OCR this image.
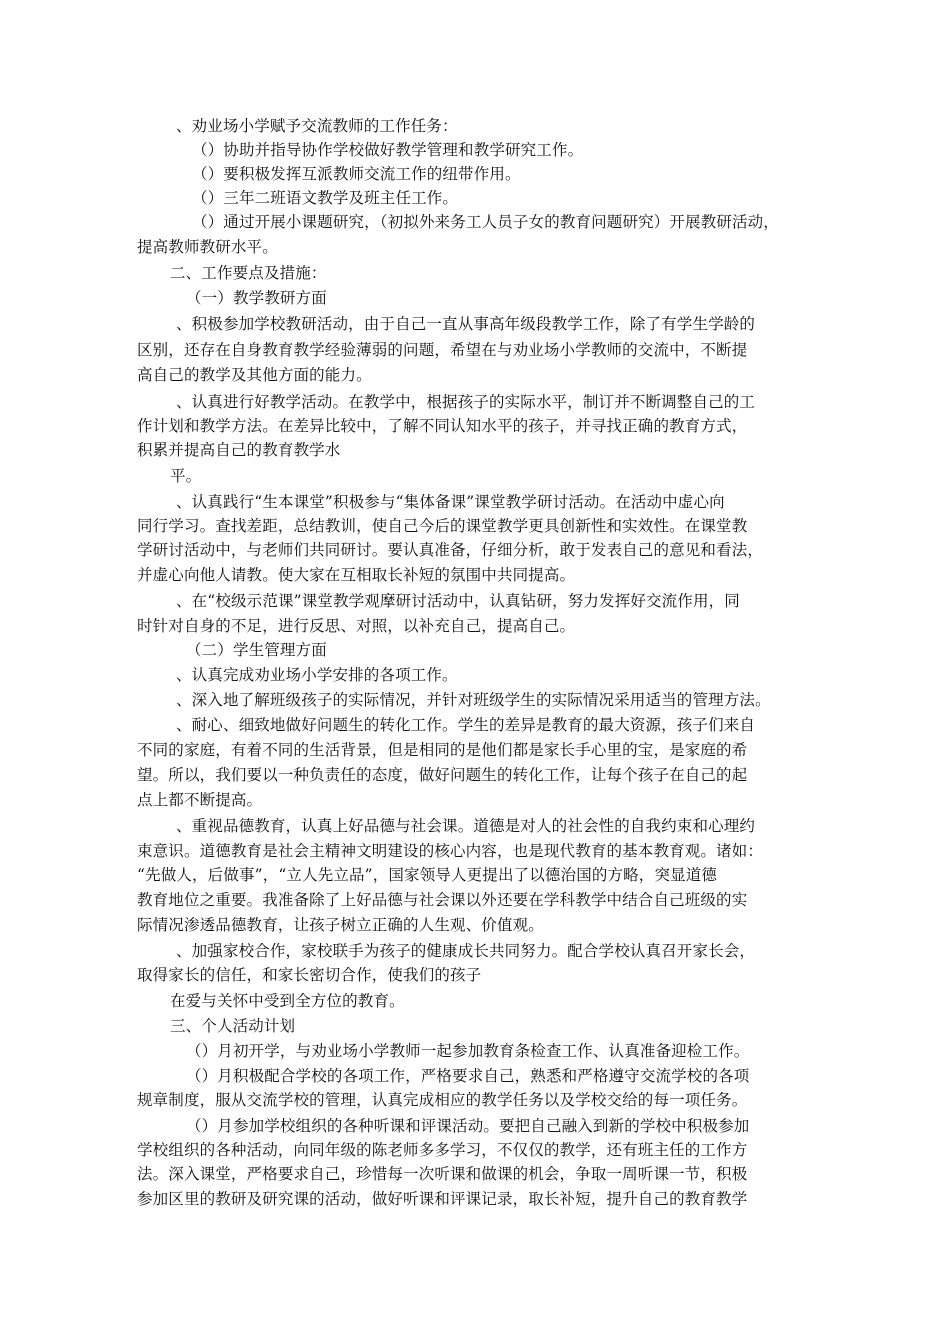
、劝业场小学赋予交流教师的工作任务：
（）协助并指导协作学校做好教学管理和教学研究工作。
（）要积极发挥互派教师交流工作的纽带作用。
（）三年二班语文教学及班主任工作。
（）通过开展小课题研究，（初拟外来务工人员子女的教育问题研究）开展教研活动，
提高教师教研水平。
二、工作要点及措施：
（一）教学教研方面
、积极参加学校教研活动，由于自己一直从事高年级段教学工作，除了有学生学龄的
区别，还存在自身教育教学经验薄弱的问题，希望在与劝业场小学教师的交流中，不断提
高自己的教学及其他方面的能力。
、认真进行好教学活动。在教学中，根据孩子的实际水平，制订并不断调整自己的工
作计划和教学方法。在差异比较中，了解不同认知水平的孩子，并寻找正确的教育方式，
积累并提高自己的教育教学水
平。
、认真践行“生本课堂”积极参与“集体备课”课堂教学研讨活动。在活动中虚心向
同行学习。查找差距，总结教训，使自己今后的课堂教学更具创新性和实效性。在课堂教
学研讨活动中，与老师们共同研讨。要认真准备，仔细分析，敢于发表自己的意见和看法，
并虚心向他人请教。使大家在互相取长补短的氛围中共同提高。
、在“校级示范课”课堂教学观摩研讨活动中，认真钻研，努力发挥好交流作用，同
时针对自身的不足，进行反思、对照，以补充自己，提高自己。
（二）学生管理方面
、认真完成劝业场小学安排的各项工作。
、深入地了解班级孩子的实际情况，并针对班级学生的实际情况采用适当的管理方法。
、耐心、细致地做好问题生的转化工作。学生的差异是教育的最大资源，孩子们来自
不同的家庭，有着不同的生活背景，但是相同的是他们都是家长手心里的宝，是家庭的希
望。所以，我们要以一种负责任的态度，做好问题生的转化工作，让每个孩子在自己的起
点上都不断提高。
、重视品德教育，认真上好品德与社会课。道德是对人的社会性的自我约束和心理约
束意识。道德教育是社会主精神文明建设的核心内容，也是现代教育的基本教育观。诸如：
“先做人，后做事”，“立人先立品”，国家领导人更提出了以德治国的方略，突显道德
教育地位之重要。我准备除了上好品德与社会课以外还要在学科教学中结合自己班级的实
际情况渗透品德教育，让孩子树立正确的人生观、价值观。
、加强家校合作，家校联手为孩子的健康成长共同努力。配合学校认真召开家长会，
取得家长的信任，和家长密切合作，使我们的孩子
在爱与关怀中受到全方位的教育。
三、个人活动计划
（）月初开学，与劝业场小学教师一起参加教育条检查工作、认真准备迎检工作。
（）月积极配合学校的各项工作，严格要求自己，熟悉和严格遵守交流学校的各项
规章制度，服从交流学校的管理，认真完成相应的教学任务以及学校交给的每一项任务。
（）月参加学校组织的各种听课和评课活动。要把自己融入到新的学校中积极参加
学校组织的各种活动，向同年级的陈老师多多学习，不仅仅的教学，还有班主任的工作方
法。深入课堂，严格要求自己，珍惜每一次听课和做课的机会，争取一周听课一节，积极
参加区里的教研及研究课的活动，做好听课和评课记录，取长补短，提升自己的教育教学
